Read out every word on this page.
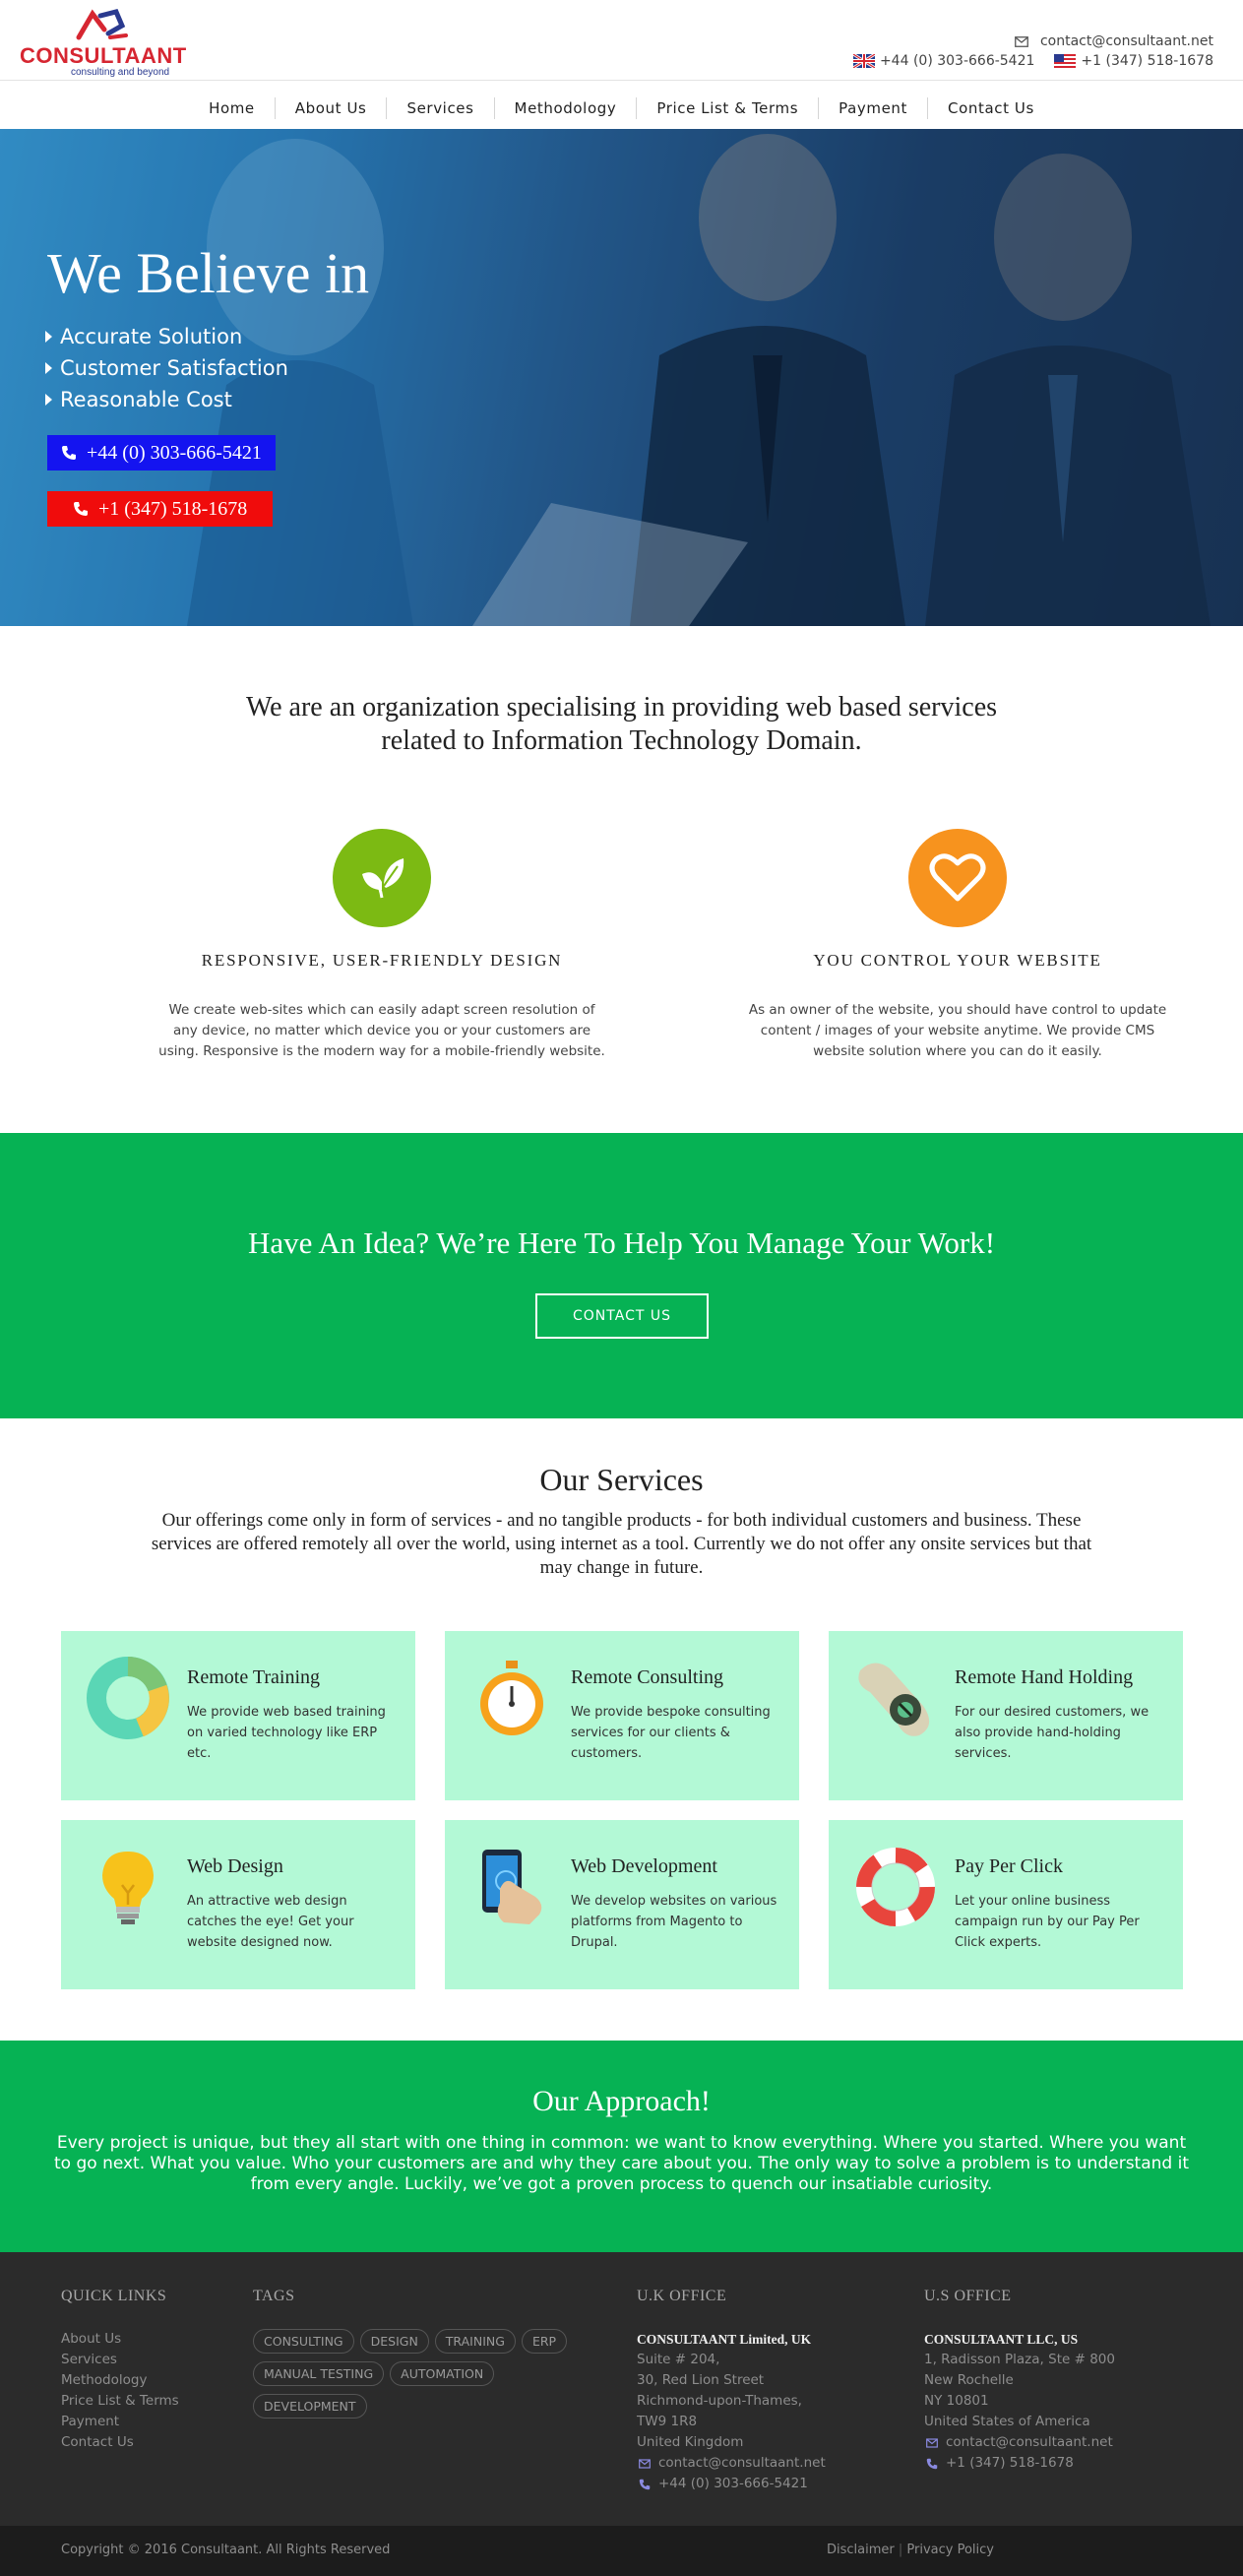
CONSULTAANT
consulting and beyond
contact@consultaant.net
+44 (0) 303-666-5421	+1 (347) 518-1678
Home	About Us	Services	Methodology	Price List & Terms	Payment	Contact Us
We Believe in
Accurate Solution
Customer Satisfaction
Reasonable Cost
+44 (0) 303-666-5421
+1 (347) 518-1678
We are an organization specialising in providing web based services
related to Information Technology Domain.
RESPONSIVE, USER-FRIENDLY DESIGN
We create web-sites which can easily adapt screen resolution of any device, no matter which device you or your customers are using. Responsive is the modern way for a mobile-friendly website.
YOU CONTROL YOUR WEBSITE
As an owner of the website, you should have control to update content / images of your website anytime. We provide CMS website solution where you can do it easily.
Have An Idea? We’re Here To Help You Manage Your Work!
CONTACT US
Our Services
Our offerings come only in form of services - and no tangible products - for both individual customers and business. These services are offered remotely all over the world, using internet as a tool. Currently we do not offer any onsite services but that may change in future.
Remote Training
We provide web based training on varied technology like ERP etc.
Remote Consulting
We provide bespoke consulting services for our clients & customers.
Remote Hand Holding
For our desired customers, we also provide hand-holding services.
Web Design
An attractive web design catches the eye! Get your website designed now.
Web Development
We develop websites on various platforms from Magento to Drupal.
Pay Per Click
Let your online business campaign run by our Pay Per Click experts.
Our Approach!
Every project is unique, but they all start with one thing in common: we want to know everything. Where you started. Where you want to go next. What you value. Who your customers are and why they care about you. The only way to solve a problem is to understand it from every angle. Luckily, we’ve got a proven process to quench our insatiable curiosity.
QUICK LINKS
About Us
Services
Methodology
Price List & Terms
Payment
Contact Us
TAGS
CONSULTING	DESIGN	TRAINING	ERP
MANUAL TESTING	AUTOMATION
DEVELOPMENT
U.K OFFICE
CONSULTAANT Limited, UK
Suite # 204,
30, Red Lion Street
Richmond-upon-Thames,
TW9 1R8
United Kingdom
contact@consultaant.net
+44 (0) 303-666-5421
U.S OFFICE
CONSULTAANT LLC, US
1, Radisson Plaza, Ste # 800
New Rochelle
NY 10801
United States of America
contact@consultaant.net
+1 (347) 518-1678
Copyright © 2016 Consultaant. All Rights Reserved	Disclaimer | Privacy Policy
